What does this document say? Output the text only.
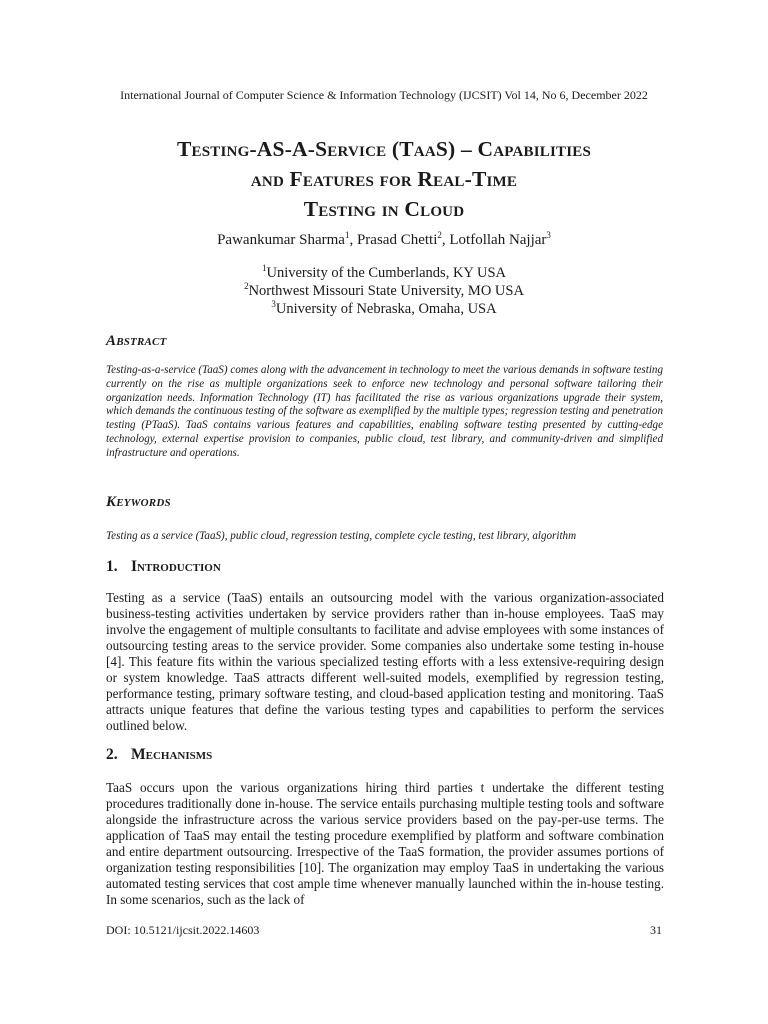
International Journal of Computer Science & Information Technology (IJCSIT) Vol 14, No 6, December 2022
Testing-AS-A-Service (TaaS) – Capabilities
and Features for Real-Time
Testing in Cloud
Pawankumar Sharma$^1$, Prasad Chetti$^2$, Lotfollah Najjar$^3$
$^1$University of the Cumberlands, KY USA
$^2$Northwest Missouri State University, MO USA
$^3$University of Nebraska, Omaha, USA
Abstract
Testing-as-a-service (TaaS) comes along with the advancement in technology to meet the various demands in software testing currently on the rise as multiple organizations seek to enforce new technology and personal software tailoring their organization needs. Information Technology (IT) has facilitated the rise as various organizations upgrade their system, which demands the continuous testing of the software as exemplified by the multiple types; regression testing and penetration testing (PTaaS). TaaS contains various features and capabilities, enabling software testing presented by cutting-edge technology, external expertise provision to companies, public cloud, test library, and community-driven and simplified infrastructure and operations.
Keywords
Testing as a service (TaaS), public cloud, regression testing, complete cycle testing, test library, algorithm
1. Introduction

Testing as a service (TaaS) entails an outsourcing model with the various organization-associated business-testing activities undertaken by service providers rather than in-house employees. TaaS may involve the engagement of multiple consultants to facilitate and advise employees with some instances of outsourcing testing areas to the service provider. Some companies also undertake some testing in-house [4]. This feature fits within the various specialized testing efforts with a less extensive-requiring design or system knowledge. TaaS attracts different well-suited models, exemplified by regression testing, performance testing, primary software testing, and cloud-based application testing and monitoring. TaaS attracts unique features that define the various testing types and capabilities to perform the services outlined below.

2. Mechanisms

TaaS occurs upon the various organizations hiring third parties t undertake the different testing procedures traditionally done in-house. The service entails purchasing multiple testing tools and software alongside the infrastructure across the various service providers based on the pay-per-use terms. The application of TaaS may entail the testing procedure exemplified by platform and software combination and entire department outsourcing. Irrespective of the TaaS formation, the provider assumes portions of organization testing responsibilities [10]. The organization may employ TaaS in undertaking the various automated testing services that cost ample time whenever manually launched within the in-house testing. In some scenarios, such as the lack of

DOI: 10.5121/ijcsit.2022.14603	31
